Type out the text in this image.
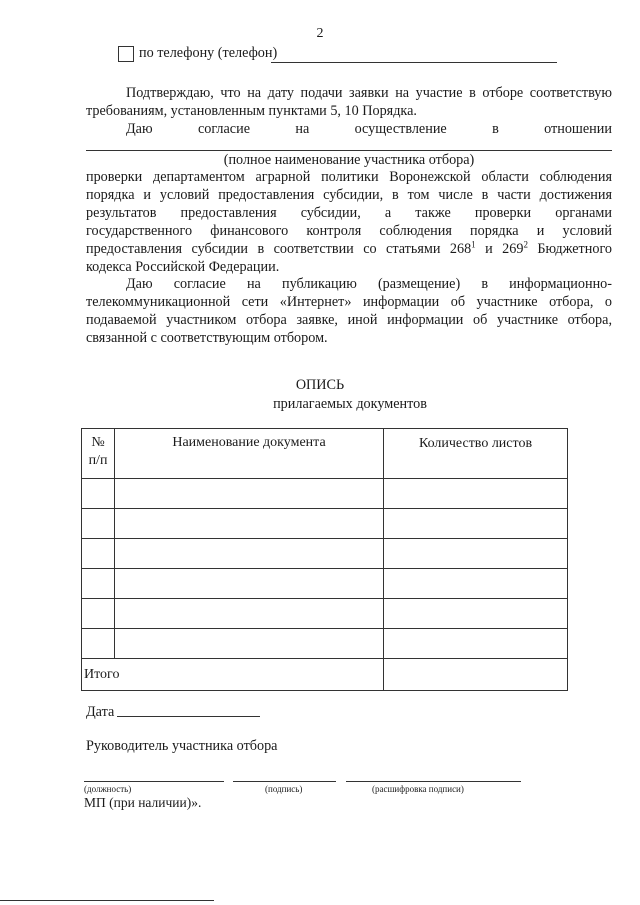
2
по телефону (телефон)
Подтверждаю, что на дату подачи заявки на участие в отборе соответствую требованиям, установленным пунктами 5, 10 Порядка.
Даю	согласие	на	осуществление	в	отношении
(полное наименование участника отбора)
проверки департаментом аграрной политики Воронежской области соблюдения
порядка и условий предоставления субсидии, в том числе в части достижения
результатов предоставления субсидии, а также проверки органами
государственного финансового контроля соблюдения порядка и условий
предоставления субсидии в соответствии со статьями $268^1$ и $269^2$ Бюджетного
кодекса Российской Федерации.
Даю согласие на публикацию (размещение) в информационно-
телекоммуникационной сети «Интернет» информации об участнике отбора, о
подаваемой участником отбора заявке, иной информации об участнике отбора,
связанной с соответствующим отбором.
ОПИСЬ
прилагаемых документов
№
п/п	Наименование документа	Количество листов

Итого		
Дата
Руководитель участника отбора
(должность)	(подпись)	(расшифровка подписи)
МП (при наличии)».
